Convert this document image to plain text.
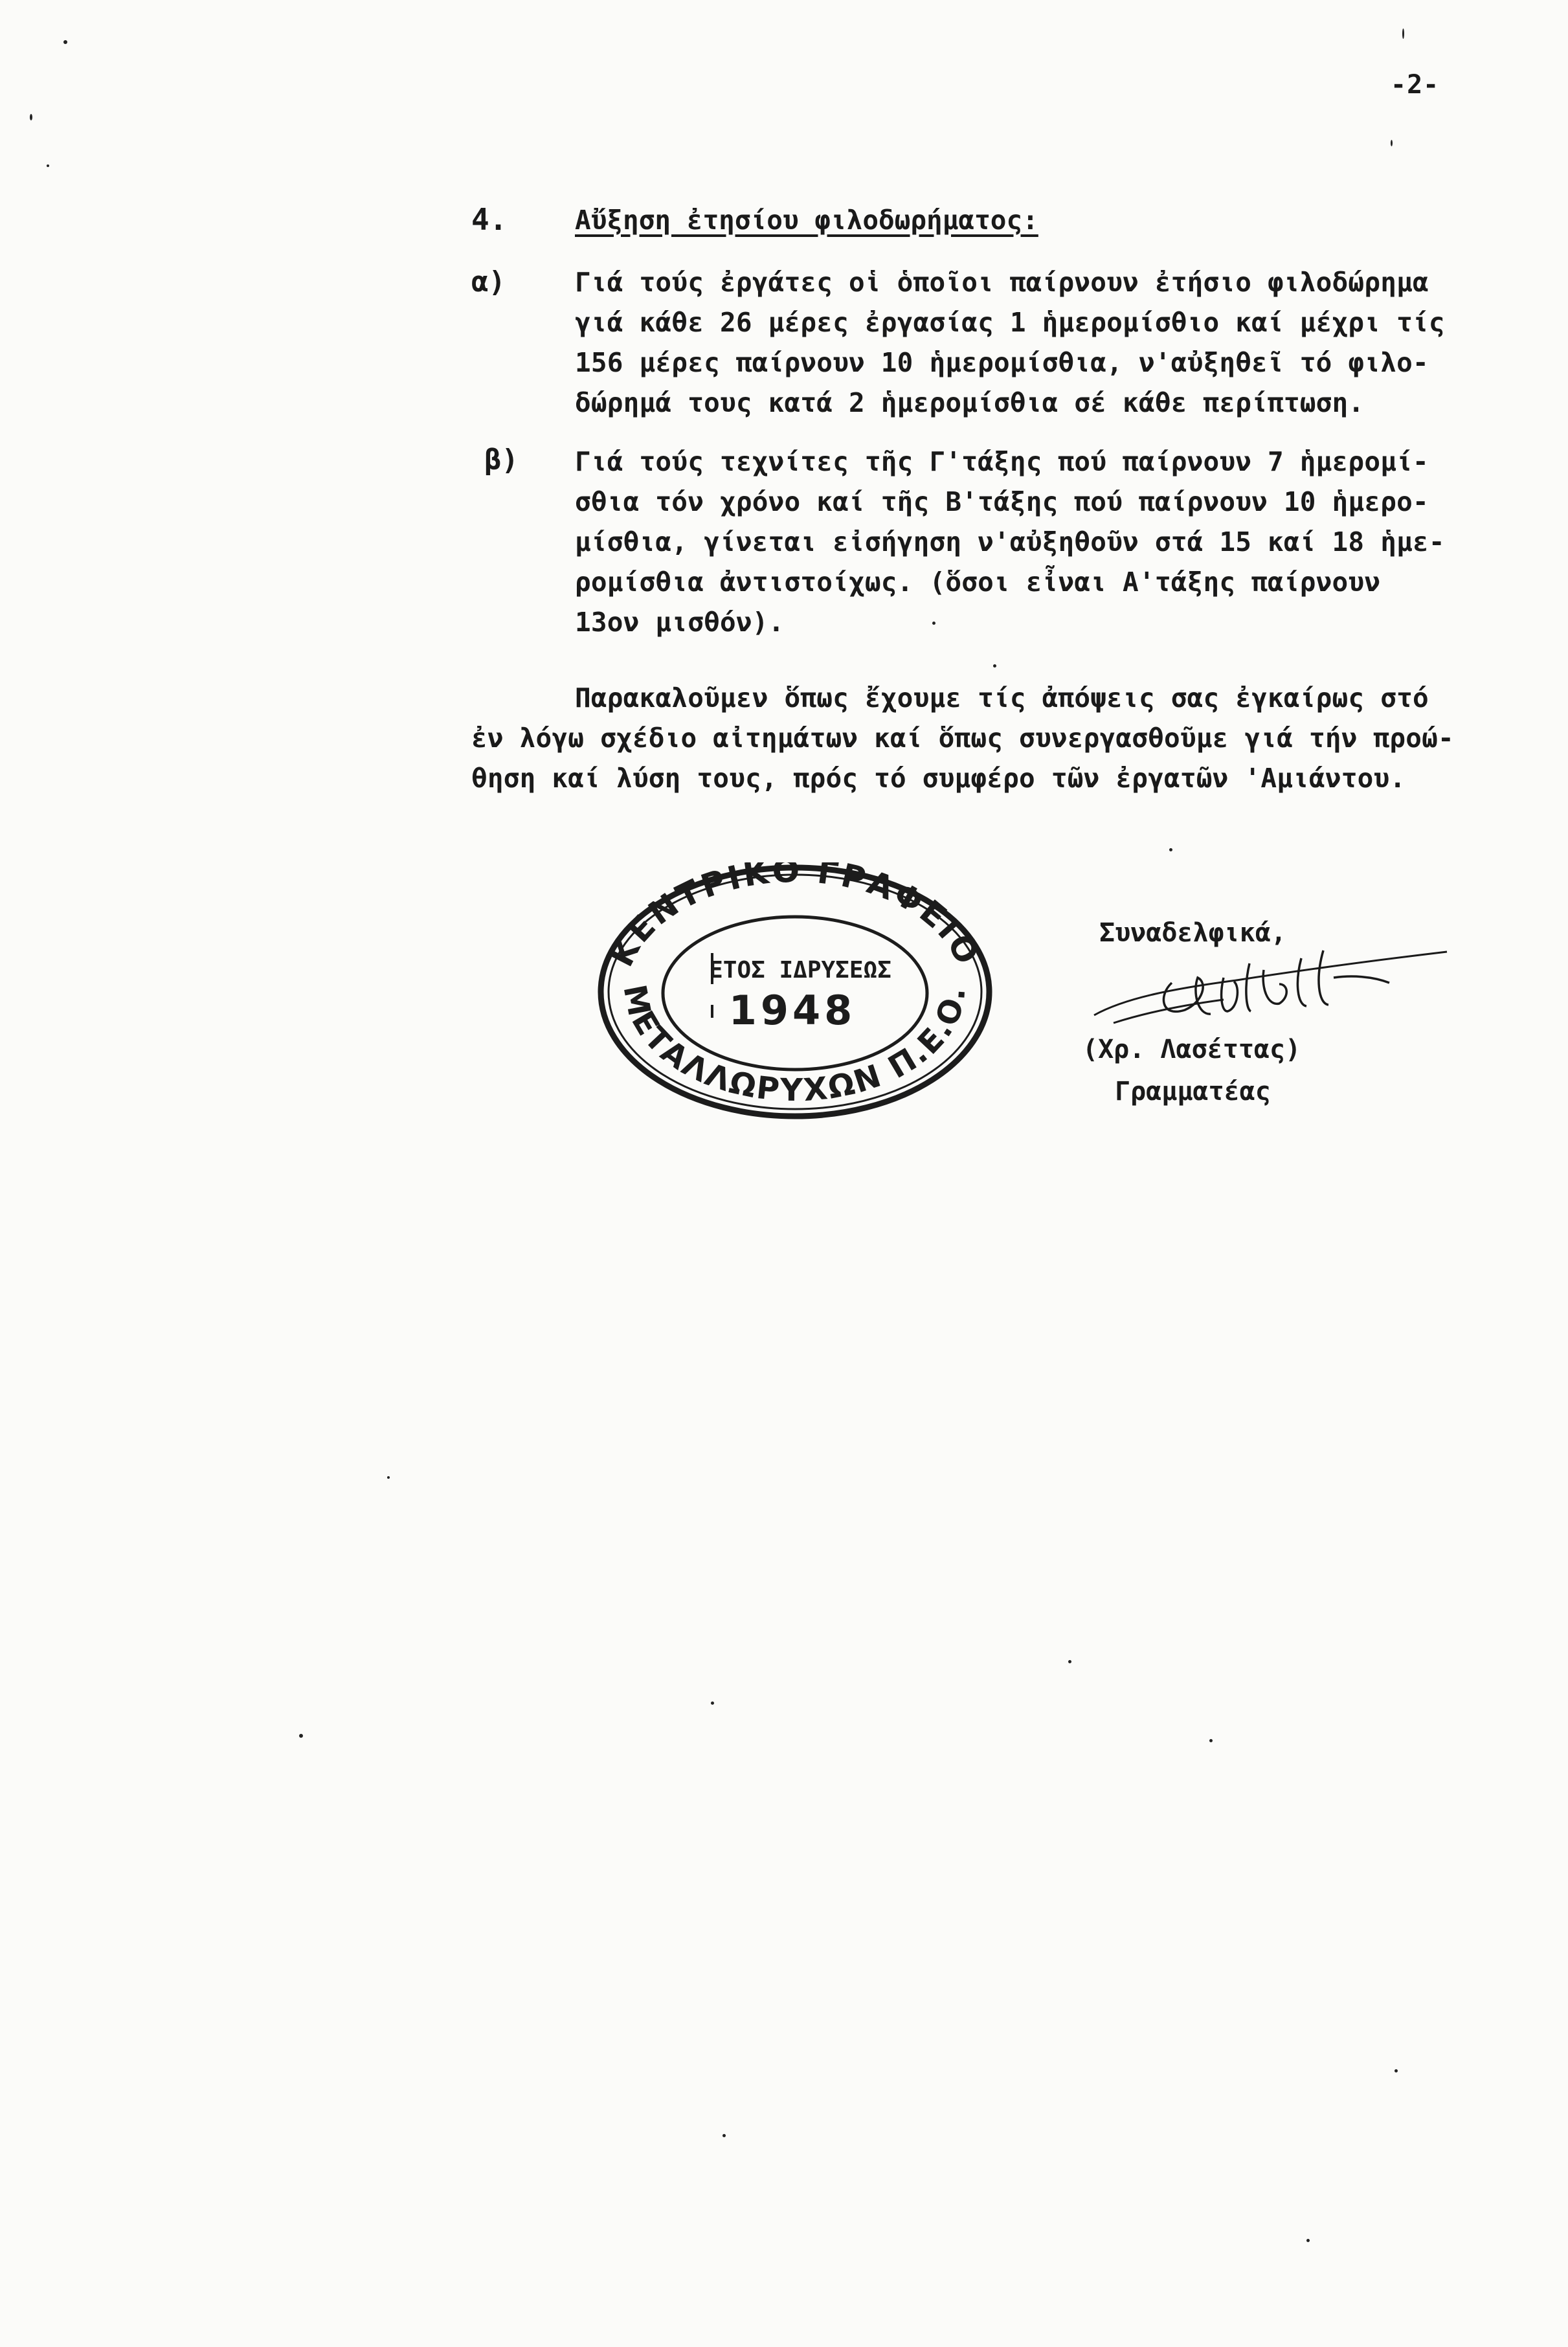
-2-
4.	Αὔξηση ἐτησίου φιλοδωρήματος:
α)	Γιά τούς ἐργάτες οἱ ὁποῖοι παίρνουν ἐτήσιο φιλοδώρημα
γιά κάθε 26 μέρες ἐργασίας 1 ἡμερομίσθιο καί μέχρι τίς
156 μέρες παίρνουν 10 ἡμερομίσθια, ν'αὐξηθεῖ τό φιλο-
δώρημά τους κατά 2 ἡμερομίσθια σέ κάθε περίπτωση.
β) Γιά τούς τεχνίτες τῆς Γ'τάξης πού παίρνουν 7 ἡμερομί-
σθια τόν χρόνο καί τῆς Β'τάξης πού παίρνουν 10 ἡμερο-
μίσθια, γίνεται εἰσήγηση ν'αὐξηθοῦν στά 15 καί 18 ἡμε-
ρομίσθια ἀντιστοίχως. (ὅσοι εἶναι Α'τάξης παίρνουν
13ον μισθόν).
Παρακαλοῦμεν ὅπως ἔχουμε τίς ἀπόψεις σας ἐγκαίρως στό
ἐν λόγω σχέδιο αἰτημάτων καί ὅπως συνεργασθοῦμε γιά τήν προώ-
θηση καί λύση τους, πρός τό συμφέρο τῶν ἐργατῶν 'Αμιάντου.
ΚΕΝΤΡΙΚΟ ΓΡΑΦΕΙΟ
ΜΕΤΑΛΛΩΡΥΧΩΝ Π.Ε.Ο.
ΕΤΟΣ ΙΔΡΥΣΕΩΣ
1948
Συναδελφικά,
(Χρ. Λασέττας)
Γραμματέας
